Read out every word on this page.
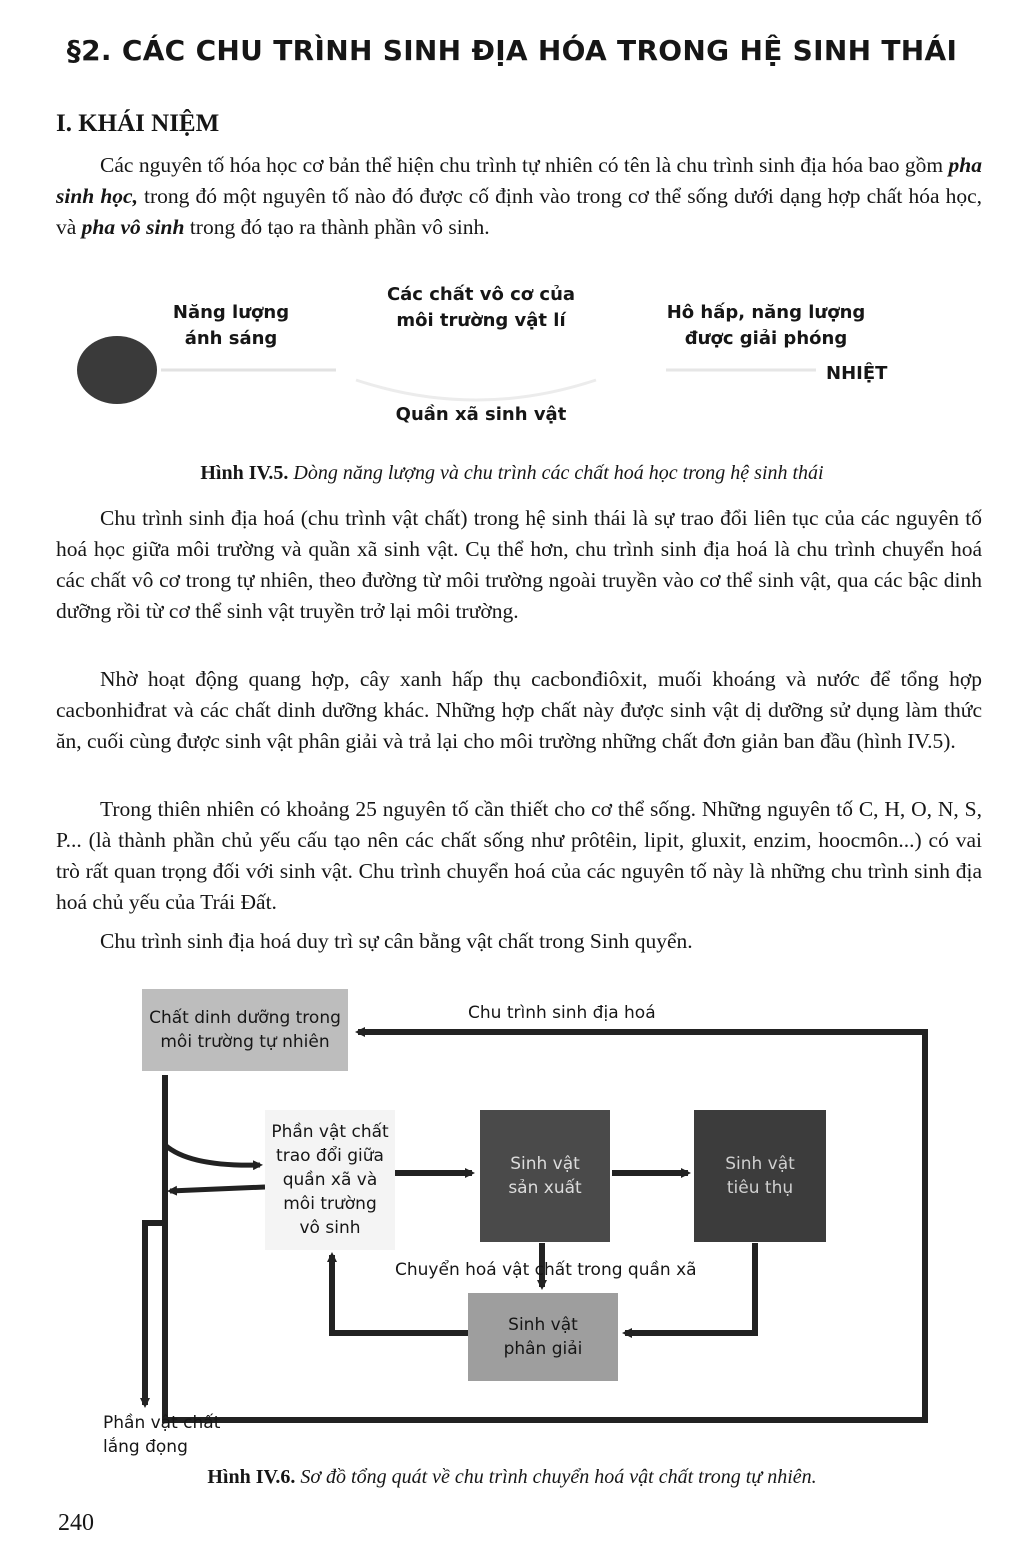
§2. CÁC CHU TRÌNH SINH ĐỊA HÓA TRONG HỆ SINH THÁI
I. KHÁI NIỆM

Các nguyên tố hóa học cơ bản thể hiện chu trình tự nhiên có tên là chu trình sinh địa hóa bao gồm pha sinh học, trong đó một nguyên tố nào đó được cố định vào trong cơ thể sống dưới dạng hợp chất hóa học, và pha vô sinh trong đó tạo ra thành phần vô sinh.

Năng lượng
ánh sáng
Các chất vô cơ của
môi trường vật lí	Hô hấp, năng lượng
được giải phóng
NHIỆT
Quần xã sinh vật
Hình IV.5. Dòng năng lượng và chu trình các chất hoá học trong hệ sinh thái

Chu trình sinh địa hoá (chu trình vật chất) trong hệ sinh thái là sự trao đổi liên tục của các nguyên tố hoá học giữa môi trường và quần xã sinh vật. Cụ thể hơn, chu trình sinh địa hoá là chu trình chuyển hoá các chất vô cơ trong tự nhiên, theo đường từ môi trường ngoài truyền vào cơ thể sinh vật, qua các bậc dinh dưỡng rồi từ cơ thể sinh vật truyền trở lại môi trường.

Nhờ hoạt động quang hợp, cây xanh hấp thụ cacbonđiôxit, muối khoáng và nước để tổng hợp cacbonhiđrat và các chất dinh dưỡng khác. Những hợp chất này được sinh vật dị dưỡng sử dụng làm thức ăn, cuối cùng được sinh vật phân giải và trả lại cho môi trường những chất đơn giản ban đầu (hình IV.5).

Trong thiên nhiên có khoảng 25 nguyên tố cần thiết cho cơ thể sống. Những nguyên tố C, H, O, N, S, P... (là thành phần chủ yếu cấu tạo nên các chất sống như prôtêin, lipit, gluxit, enzim, hoocmôn...) có vai trò rất quan trọng đối với sinh vật. Chu trình chuyển hoá của các nguyên tố này là những chu trình sinh địa hoá chủ yếu của Trái Đất.

Chu trình sinh địa hoá duy trì sự cân bằng vật chất trong Sinh quyển.

Chất dinh dưỡng trong
môi trường tự nhiên
Chu trình sinh địa hoá
Phần vật chất
trao đổi giữa
quần xã và
môi trường
vô sinh
Sinh vật
sản xuất
Sinh vật
tiêu thụ
Chuyển hoá vật chất trong quần xã
Sinh vật
phân giải
Phần vật chất
lắng đọng
Hình IV.6. Sơ đồ tổng quát về chu trình chuyển hoá vật chất trong tự nhiên.
240
